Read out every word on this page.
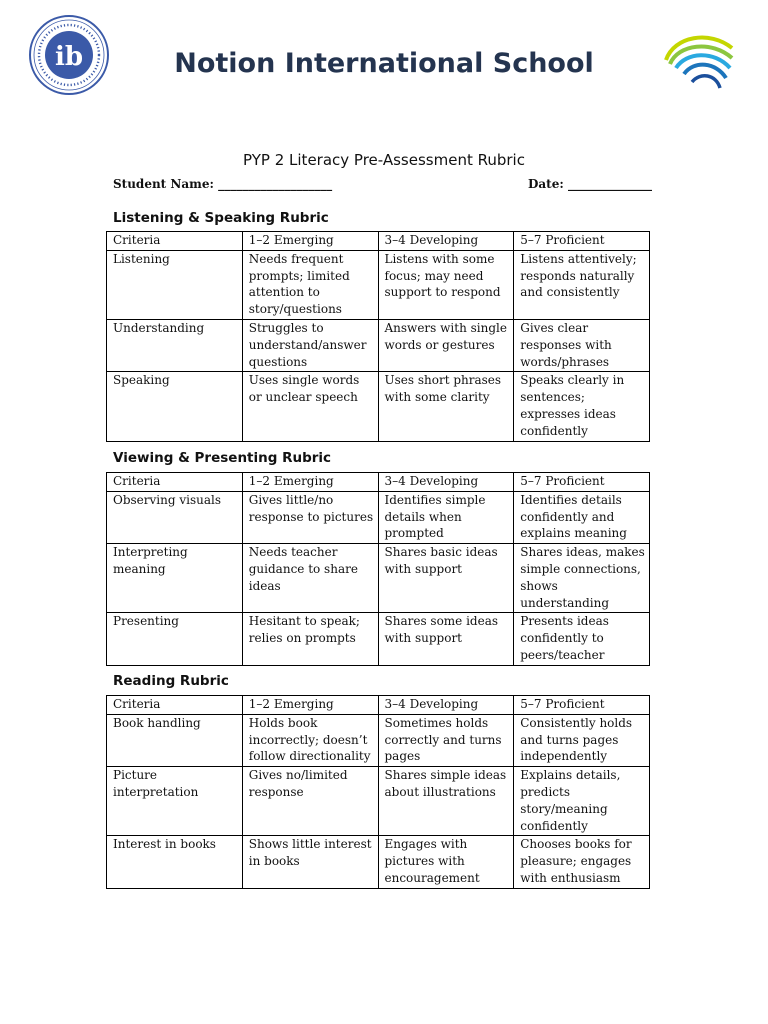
ib	Notion International School
PYP 2 Literacy Pre-Assessment Rubric
Student Name: ___________________	Date: ______________
Listening & Speaking Rubric
Criteria	1–2 Emerging	3–4 Developing	5–7 Proficient
Listening	Needs frequent prompts; limited attention to story/questions	Listens with some focus; may need support to respond	Listens attentively; responds naturally and consistently
Understanding	Struggles to understand/answer questions	Answers with single words or gestures	Gives clear responses with words/phrases
Speaking	Uses single words or unclear speech	Uses short phrases with some clarity	Speaks clearly in sentences; expresses ideas confidently
Viewing & Presenting Rubric
Criteria	1–2 Emerging	3–4 Developing	5–7 Proficient
Observing visuals	Gives little/no response to pictures	Identifies simple details when prompted	Identifies details confidently and explains meaning
Interpreting meaning	Needs teacher guidance to share ideas	Shares basic ideas with support	Shares ideas, makes simple connections, shows understanding
Presenting	Hesitant to speak; relies on prompts	Shares some ideas with support	Presents ideas confidently to peers/teacher
Reading Rubric
Criteria	1–2 Emerging	3–4 Developing	5–7 Proficient
Book handling	Holds book incorrectly; doesn’t follow directionality	Sometimes holds correctly and turns pages	Consistently holds and turns pages independently
Picture interpretation	Gives no/limited response	Shares simple ideas about illustrations	Explains details, predicts story/meaning confidently
Interest in books	Shows little interest in books	Engages with pictures with encouragement	Chooses books for pleasure; engages with enthusiasm
